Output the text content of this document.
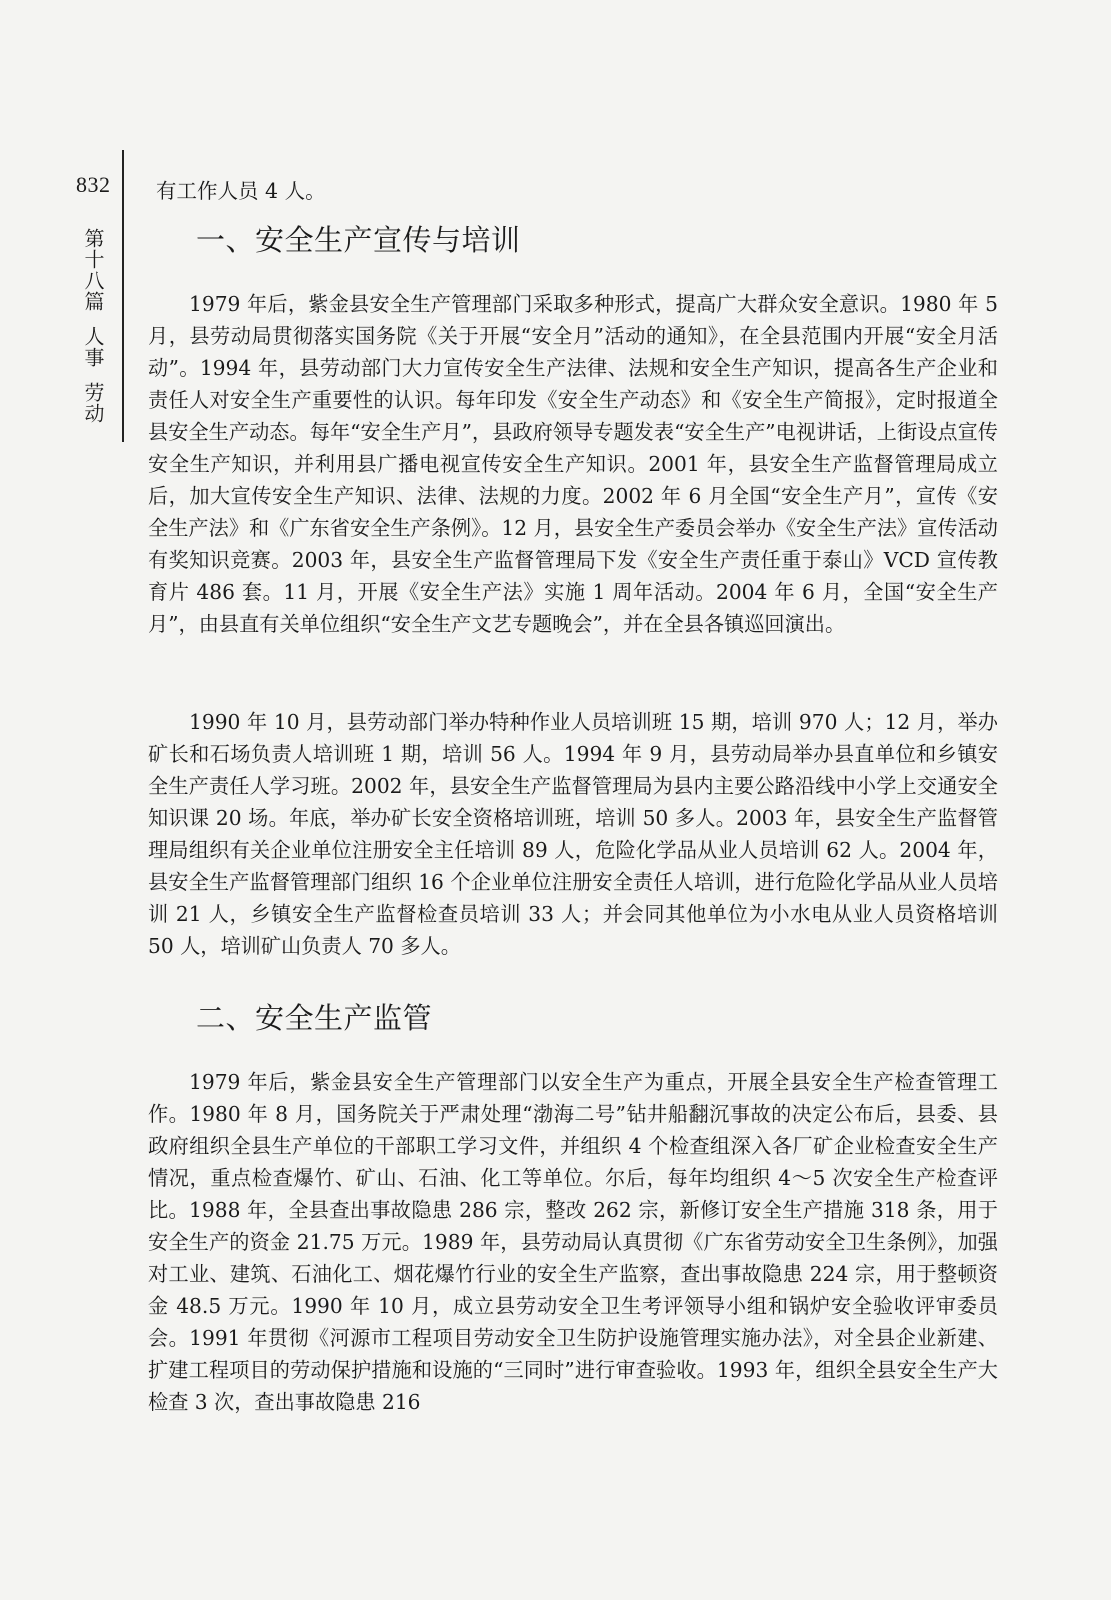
832
第十八篇人事劳动

有工作人员 4 人。

一、安全生产宣传与培训

1979 年后，紫金县安全生产管理部门采取多种形式，提高广大群众安全意识。1980 年 5 月，县劳动局贯彻落实国务院《关于开展“安全月”活动的通知》，在全县范围内开展“安全月活动”。1994 年，县劳动部门大力宣传安全生产法律、法规和安全生产知识，提高各生产企业和责任人对安全生产重要性的认识。每年印发《安全生产动态》和《安全生产简报》，定时报道全县安全生产动态。每年“安全生产月”，县政府领导专题发表“安全生产”电视讲话，上街设点宣传安全生产知识，并利用县广播电视宣传安全生产知识。2001 年，县安全生产监督管理局成立后，加大宣传安全生产知识、法律、法规的力度。2002 年 6 月全国“安全生产月”，宣传《安全生产法》和《广东省安全生产条例》。12 月，县安全生产委员会举办《安全生产法》宣传活动有奖知识竞赛。2003 年，县安全生产监督管理局下发《安全生产责任重于泰山》VCD 宣传教育片 486 套。11 月，开展《安全生产法》实施 1 周年活动。2004 年 6 月，全国“安全生产月”，由县直有关单位组织“安全生产文艺专题晚会”，并在全县各镇巡回演出。

1990 年 10 月，县劳动部门举办特种作业人员培训班 15 期，培训 970 人；12 月，举办矿长和石场负责人培训班 1 期，培训 56 人。1994 年 9 月，县劳动局举办县直单位和乡镇安全生产责任人学习班。2002 年，县安全生产监督管理局为县内主要公路沿线中小学上交通安全知识课 20 场。年底，举办矿长安全资格培训班，培训 50 多人。2003 年，县安全生产监督管理局组织有关企业单位注册安全主任培训 89 人，危险化学品从业人员培训 62 人。2004 年，县安全生产监督管理部门组织 16 个企业单位注册安全责任人培训，进行危险化学品从业人员培训 21 人，乡镇安全生产监督检查员培训 33 人；并会同其他单位为小水电从业人员资格培训 50 人，培训矿山负责人 70 多人。

二、安全生产监管

1979 年后，紫金县安全生产管理部门以安全生产为重点，开展全县安全生产检查管理工作。1980 年 8 月，国务院关于严肃处理“渤海二号”钻井船翻沉事故的决定公布后，县委、县政府组织全县生产单位的干部职工学习文件，并组织 4 个检查组深入各厂矿企业检查安全生产情况，重点检查爆竹、矿山、石油、化工等单位。尔后，每年均组织 4～5 次安全生产检查评比。1988 年，全县查出事故隐患 286 宗，整改 262 宗，新修订安全生产措施 318 条，用于安全生产的资金 21.75 万元。1989 年，县劳动局认真贯彻《广东省劳动安全卫生条例》，加强对工业、建筑、石油化工、烟花爆竹行业的安全生产监察，查出事故隐患 224 宗，用于整顿资金 48.5 万元。1990 年 10 月，成立县劳动安全卫生考评领导小组和锅炉安全验收评审委员会。1991 年贯彻《河源市工程项目劳动安全卫生防护设施管理实施办法》，对全县企业新建、扩建工程项目的劳动保护措施和设施的“三同时”进行审查验收。1993 年，组织全县安全生产大检查 3 次，查出事故隐患 216
